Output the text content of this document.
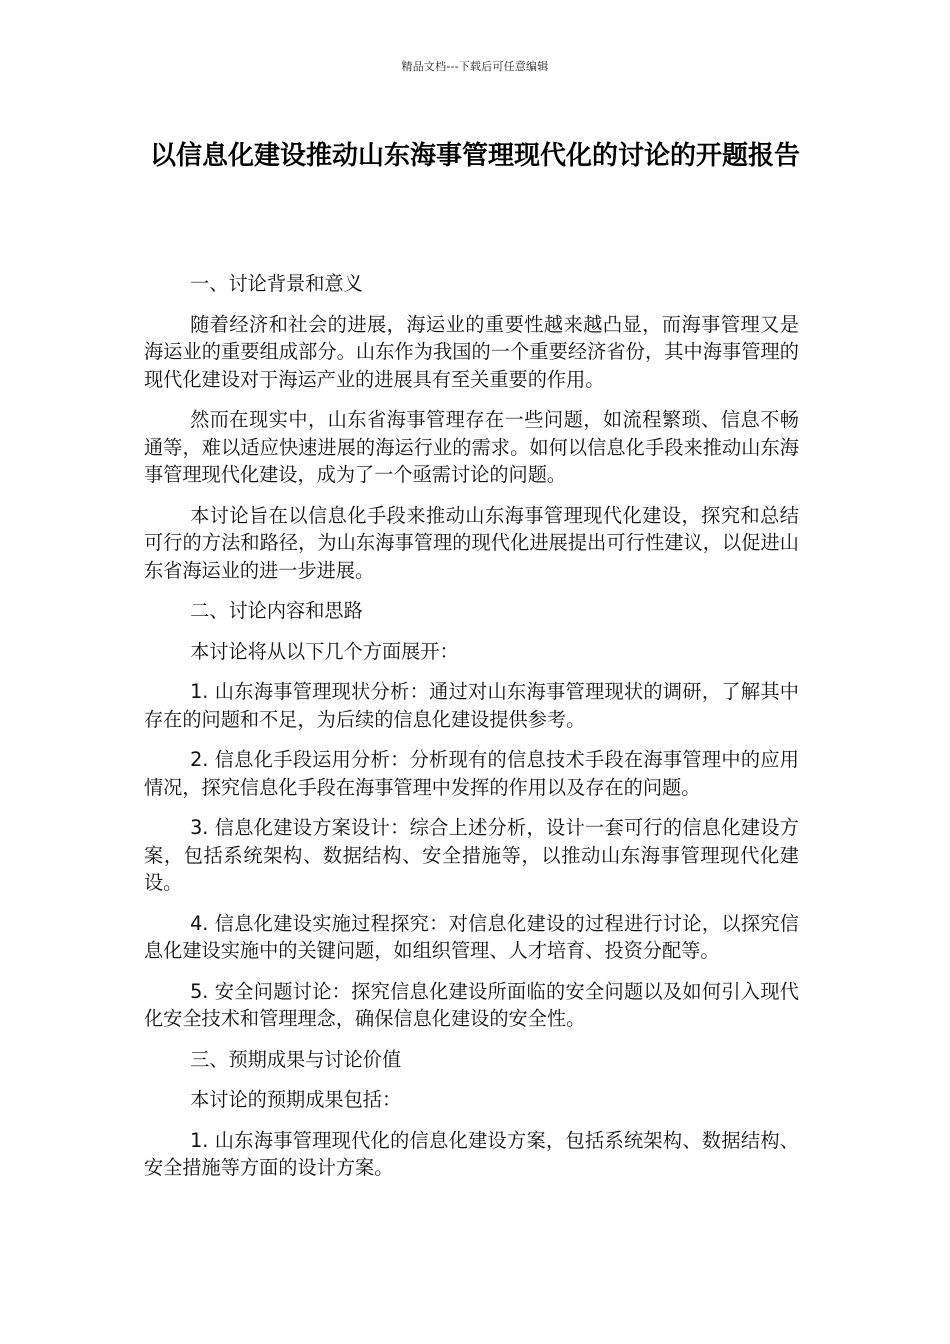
精品文档---下载后可任意编辑
以信息化建设推动山东海事管理现代化的讨论的开题报告

一、讨论背景和意义

随着经济和社会的进展，海运业的重要性越来越凸显，而海事管理又是海运业的重要组成部分。山东作为我国的一个重要经济省份，其中海事管理的现代化建设对于海运产业的进展具有至关重要的作用。

然而在现实中，山东省海事管理存在一些问题，如流程繁琐、信息不畅通等，难以适应快速进展的海运行业的需求。如何以信息化手段来推动山东海事管理现代化建设，成为了一个亟需讨论的问题。

本讨论旨在以信息化手段来推动山东海事管理现代化建设，探究和总结可行的方法和路径，为山东海事管理的现代化进展提出可行性建议，以促进山东省海运业的进一步进展。

二、讨论内容和思路

本讨论将从以下几个方面展开：

1. 山东海事管理现状分析：通过对山东海事管理现状的调研，了解其中存在的问题和不足，为后续的信息化建设提供参考。

2. 信息化手段运用分析：分析现有的信息技术手段在海事管理中的应用情况，探究信息化手段在海事管理中发挥的作用以及存在的问题。

3. 信息化建设方案设计：综合上述分析，设计一套可行的信息化建设方案，包括系统架构、数据结构、安全措施等，以推动山东海事管理现代化建设。

4. 信息化建设实施过程探究：对信息化建设的过程进行讨论，以探究信息化建设实施中的关键问题，如组织管理、人才培育、投资分配等。

5. 安全问题讨论：探究信息化建设所面临的安全问题以及如何引入现代化安全技术和管理理念，确保信息化建设的安全性。

三、预期成果与讨论价值

本讨论的预期成果包括：

1. 山东海事管理现代化的信息化建设方案，包括系统架构、数据结构、安全措施等方面的设计方案。
